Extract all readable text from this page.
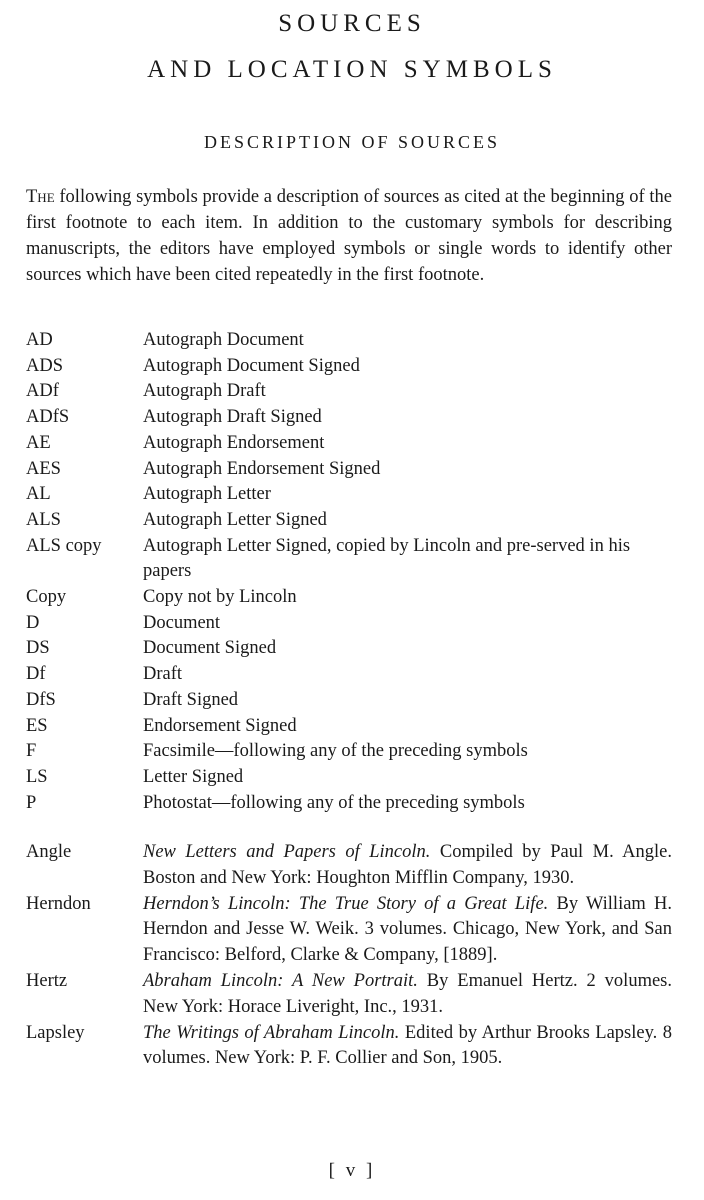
SOURCES
AND LOCATION SYMBOLS
DESCRIPTION OF SOURCES

The following symbols provide a description of sources as cited at the beginning of the first footnote to each item. In addition to the customary symbols for describing manuscripts, the editors have employed symbols or single words to identify other sources which have been cited repeatedly in the first footnote.

AD	Autograph Document
ADS	Autograph Document Signed
ADf	Autograph Draft
ADfS	Autograph Draft Signed
AE	Autograph Endorsement
AES	Autograph Endorsement Signed
AL	Autograph Letter
ALS	Autograph Letter Signed
ALS copy	Autograph Letter Signed, copied by Lincoln and pre-served in his papers
Copy	Copy not by Lincoln
D	Document
DS	Document Signed
Df	Draft
DfS	Draft Signed
ES	Endorsement Signed
F	Facsimile—following any of the preceding symbols
LS	Letter Signed
P	Photostat—following any of the preceding symbols
Angle	New Letters and Papers of Lincoln. Compiled by Paul M. Angle. Boston and New York: Houghton Mifflin Company, 1930.
Herndon	Herndon’s Lincoln: The True Story of a Great Life. By William H. Herndon and Jesse W. Weik. 3 volumes. Chicago, New York, and San Francisco: Belford, Clarke & Company, [1889].
Hertz	Abraham Lincoln: A New Portrait. By Emanuel Hertz. 2 volumes. New York: Horace Liveright, Inc., 1931.
Lapsley	The Writings of Abraham Lincoln. Edited by Arthur Brooks Lapsley. 8 volumes. New York: P. F. Collier and Son, 1905.
[ v ]
